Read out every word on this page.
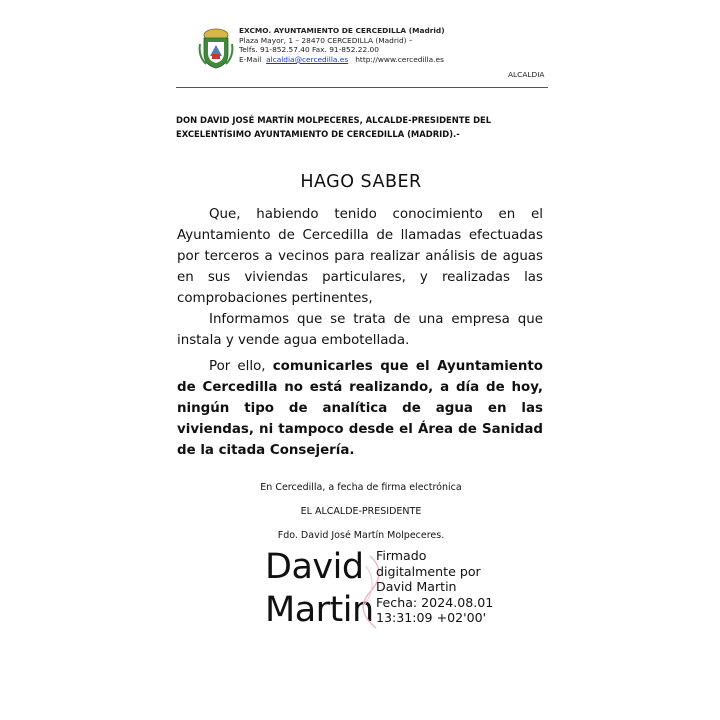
EXCMO. AYUNTAMIENTO DE CERCEDILLA (Madrid)
Plaza Mayor, 1 – 28470 CERCEDILLA (Madrid) –
Telfs. 91-852.57.40 Fax. 91-852.22.00
E-Mail alcaldia@cercedilla.es http://www.cercedilla.es
ALCALDIA
DON DAVID JOSÉ MARTÍN MOLPECERES, ALCALDE-PRESIDENTE DEL EXCELENTÍSIMO AYUNTAMIENTO DE CERCEDILLA (MADRID).-
HAGO SABER
Que, habiendo tenido conocimiento en el Ayuntamiento de Cercedilla de llamadas efectuadas por terceros a vecinos para realizar análisis de aguas en sus viviendas particulares, y realizadas las comprobaciones pertinentes,
Informamos que se trata de una empresa que instala y vende agua embotellada.
Por ello, comunicarles que el Ayuntamiento de Cercedilla no está realizando, a día de hoy, ningún tipo de analítica de agua en las viviendas, ni tampoco desde el Área de Sanidad de la citada Consejería.
En Cercedilla, a fecha de firma electrónica
EL ALCALDE-PRESIDENTE
Fdo. David José Martín Molpeceres.
David
Martin
Firmado
digitalmente por
David Martin
Fecha: 2024.08.01
13:31:09 +02'00'
